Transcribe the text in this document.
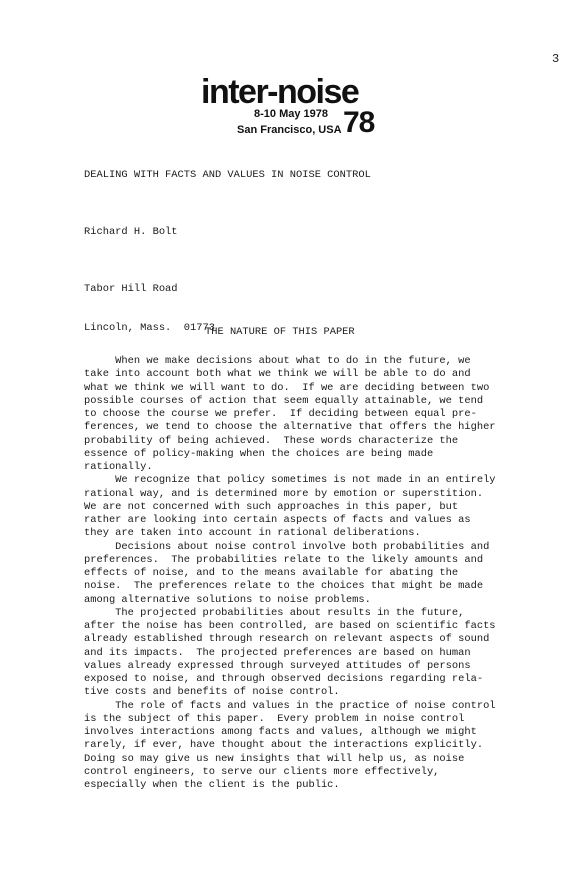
3
inter-noise
8-10 May 1978
San Francisco, USA 78
DEALING WITH FACTS AND VALUES IN NOISE CONTROL
Richard H. Bolt

Tabor Hill Road

Lincoln, Mass.  01773

THE NATURE OF THIS PAPER
When we make decisions about what to do in the future, we
take into account both what we think we will be able to do and
what we think we will want to do.  If we are deciding between two
possible courses of action that seem equally attainable, we tend
to choose the course we prefer.  If deciding between equal pre-
ferences, we tend to choose the alternative that offers the higher
probability of being achieved.  These words characterize the
essence of policy-making when the choices are being made
rationally.
We recognize that policy sometimes is not made in an entirely
rational way, and is determined more by emotion or superstition.
We are not concerned with such approaches in this paper, but
rather are looking into certain aspects of facts and values as
they are taken into account in rational deliberations.
Decisions about noise control involve both probabilities and
preferences.  The probabilities relate to the likely amounts and
effects of noise, and to the means available for abating the
noise.  The preferences relate to the choices that might be made
among alternative solutions to noise problems.
The projected probabilities about results in the future,
after the noise has been controlled, are based on scientific facts
already established through research on relevant aspects of sound
and its impacts.  The projected preferences are based on human
values already expressed through surveyed attitudes of persons
exposed to noise, and through observed decisions regarding rela-
tive costs and benefits of noise control.
The role of facts and values in the practice of noise control
is the subject of this paper.  Every problem in noise control
involves interactions among facts and values, although we might
rarely, if ever, have thought about the interactions explicitly.
Doing so may give us new insights that will help us, as noise
control engineers, to serve our clients more effectively,
especially when the client is the public.
